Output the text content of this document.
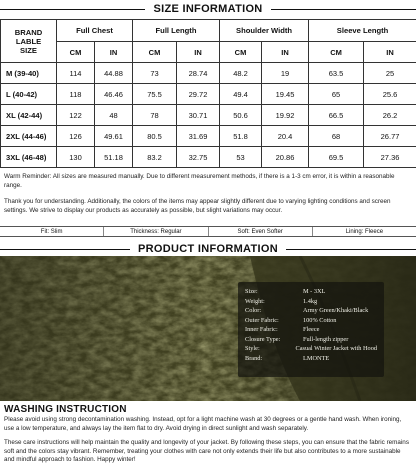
SIZE INFORMATION
BRAND
LABLE
SIZE	Full Chest		Full Length		Shoulder Width		Sleeve Length	
	CM	IN	CM	IN	CM	IN	CM	IN
M (39-40)	114	44.88	73	28.74	48.2	19	63.5	25
L (40-42)	118	46.46	75.5	29.72	49.4	19.45	65	25.6
XL (42-44)	122	48	78	30.71	50.6	19.92	66.5	26.2
2XL (44-46)	126	49.61	80.5	31.69	51.8	20.4	68	26.77
3XL (46-48)	130	51.18	83.2	32.75	53	20.86	69.5	27.36

Warm Reminder: All sizes are measured manually. Due to different measurement methods, if there is a 1-3 cm error, it is within a reasonable range.

Thank you for understanding. Additionally, the colors of the items may appear slightly different due to varying lighting conditions and screen settings. We strive to display our products as accurately as possible, but slight variations may occur.

Fit: Slim	Thickness: Regular	Soft: Even Softer	Lining: Fleece
PRODUCT INFORMATION
Size:	M - 3XL
Weight:	1.4kg
Color:	Army Green/Khaki/Black
Outer Fabric:	100% Cotton
Inner Fabric:	Fleece
Closure Type:	Full-length zipper
Style:	Casual Winter Jacket with Hood
Brand:	LMONTE
WASHING INSTRUCTION

Please avoid using strong decontamination washing. Instead, opt for a light machine wash at 30 degrees or a gentle hand wash. When ironing, use a low temperature, and always lay the item flat to dry. Avoid drying in direct sunlight and wash separately.

These care instructions will help maintain the quality and longevity of your jacket. By following these steps, you can ensure that the fabric remains soft and the colors stay vibrant. Remember, treating your clothes with care not only extends their life but also contributes to a more sustainable and mindful approach to fashion. Happy winter!
